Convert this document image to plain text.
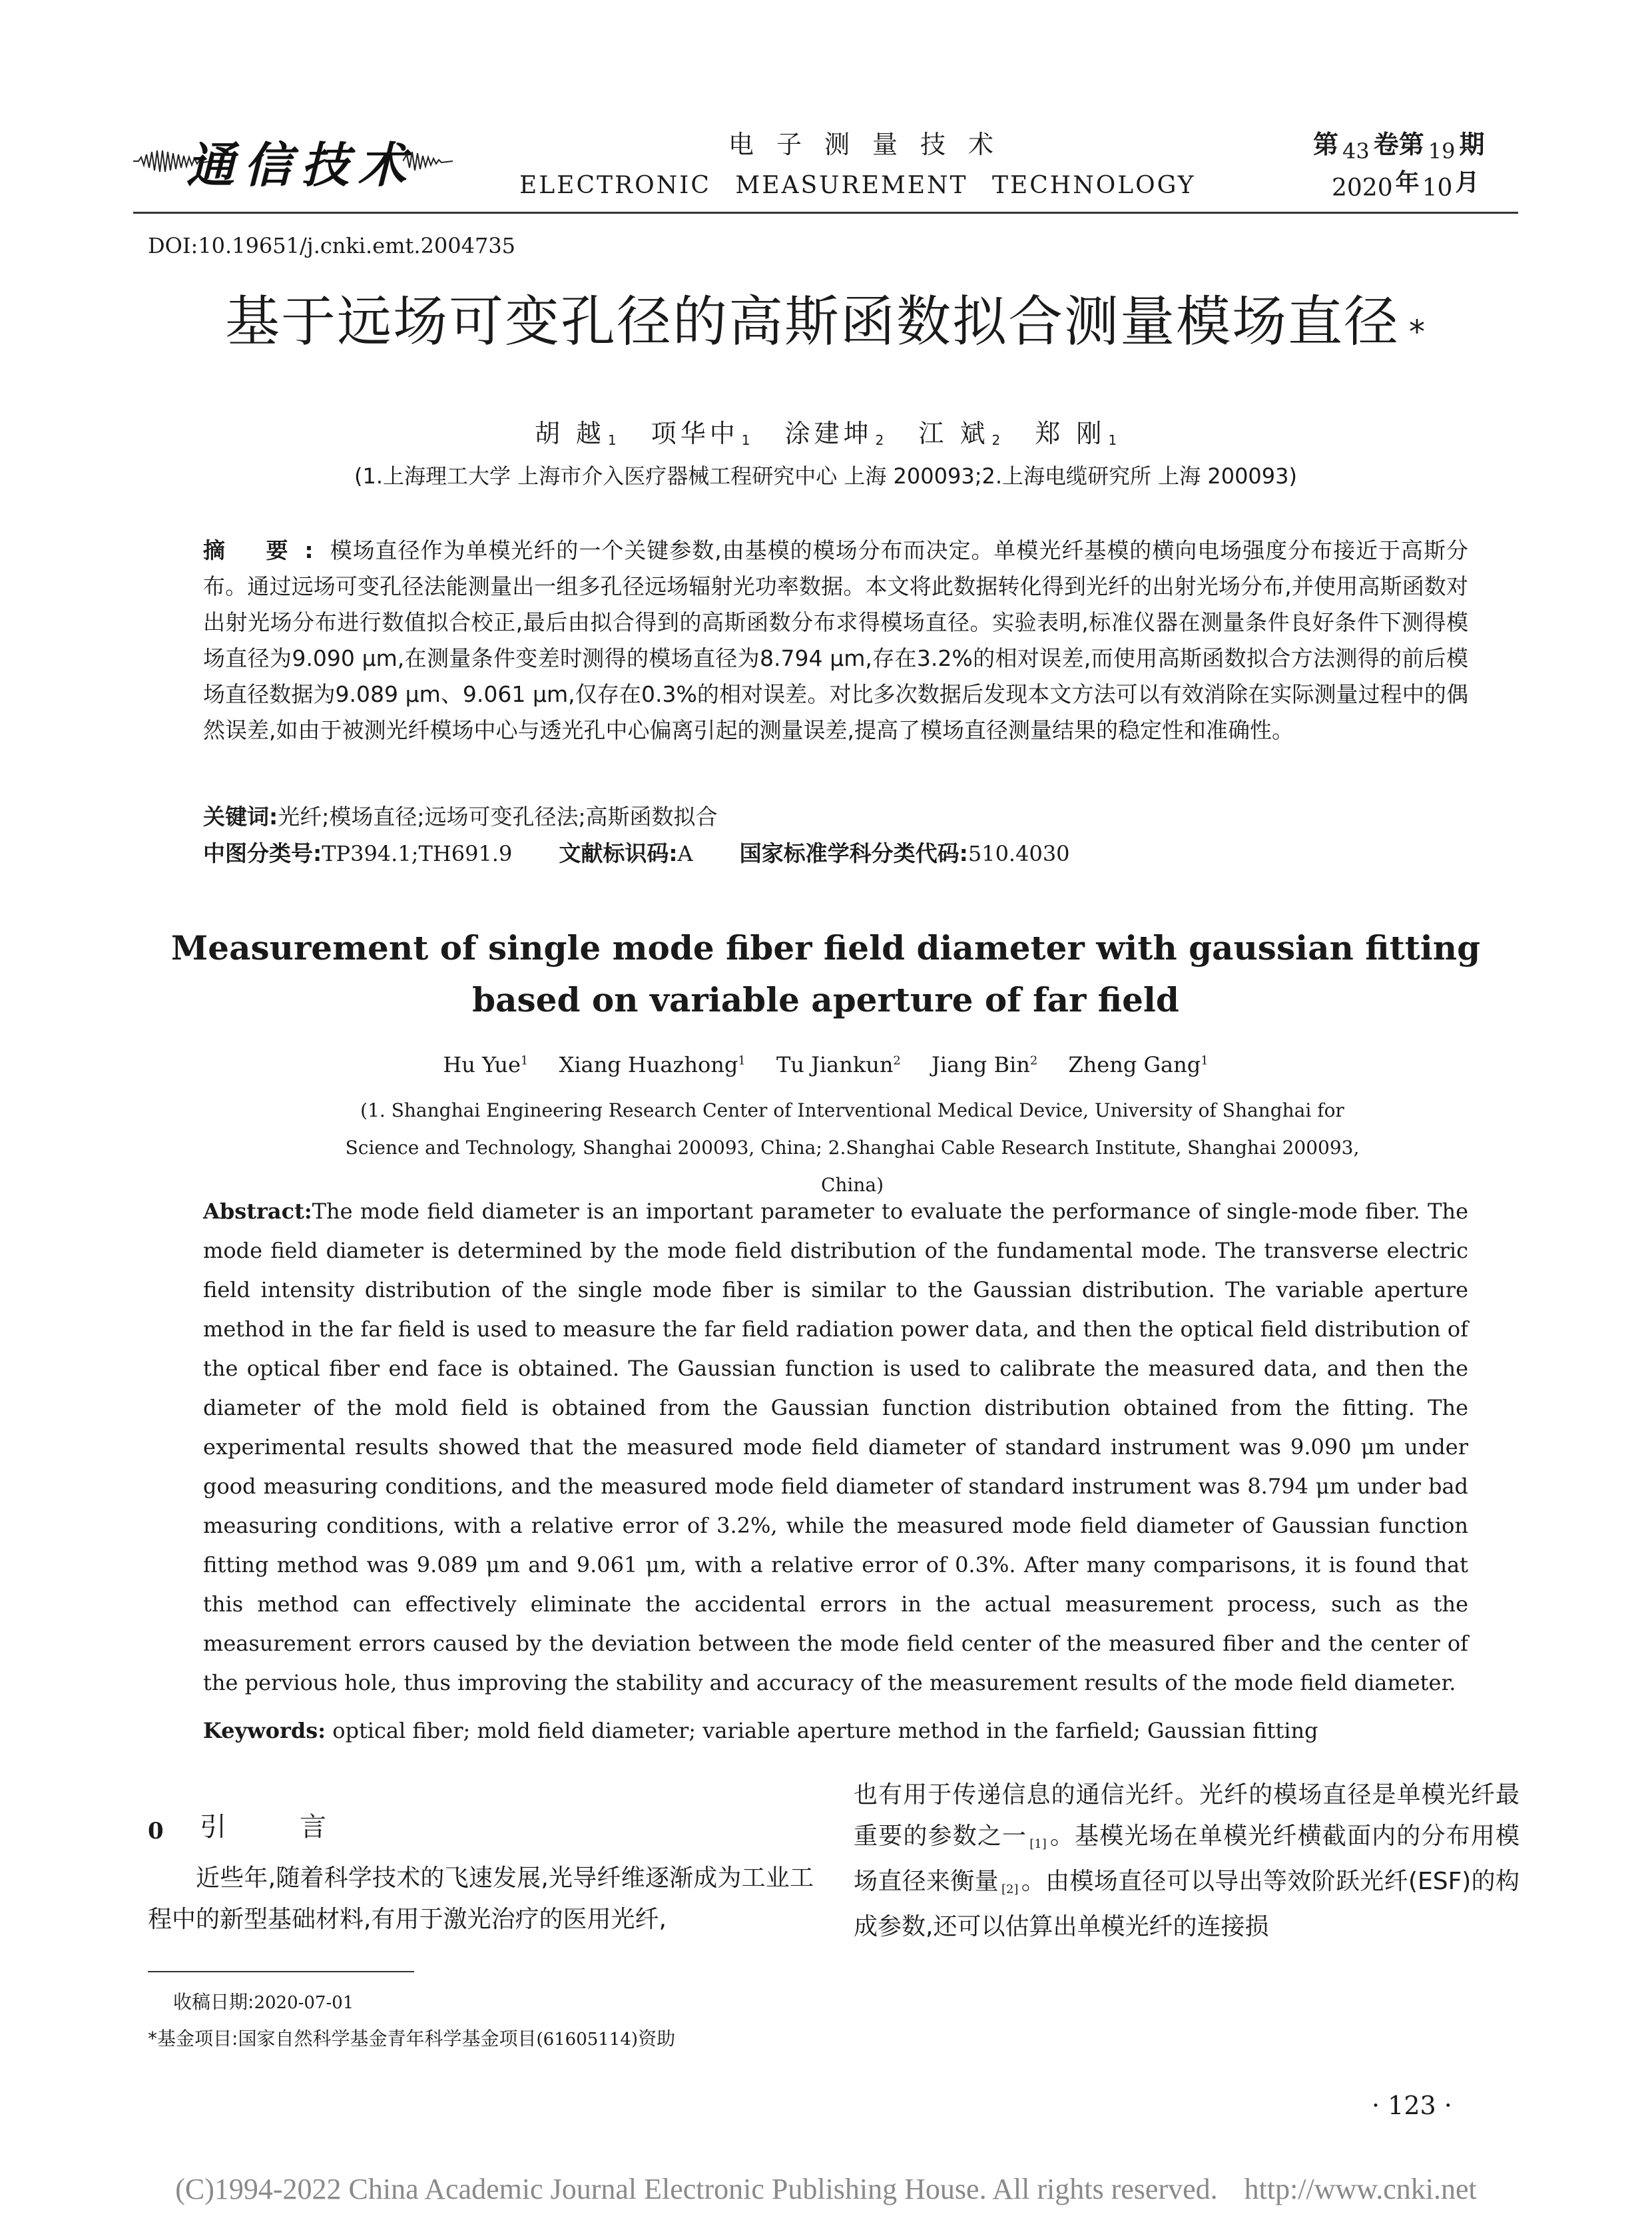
通信技术	电子测量技术
ELECTRONIC MEASUREMENT TECHNOLOGY
第 $_{43}$ 卷第 $_{19}$ 期
2020 年 10 月
DOI:10.19651/j.cnki.emt.2004735
基于远场可变孔径的高斯函数拟合测量模场直径 *
胡 越 $^1$ 项华中 $^1$ 涂建坤 $^2$ 江 斌 $^2$ 郑 刚 $^1$
(1.上海理工大学 上海市介入医疗器械工程研究中心 上海 200093;2.上海电缆研究所 上海 200093)
摘 要:模场直径作为单模光纤的一个关键参数,由基模的模场分布而决定。单模光纤基模的横向电场强度分布接近于高斯分布。通过远场可变孔径法能测量出一组多孔径远场辐射光功率数据。本文将此数据转化得到光纤的出射光场分布,并使用高斯函数对出射光场分布进行数值拟合校正,最后由拟合得到的高斯函数分布求得模场直径。实验表明,标准仪器在测量条件良好条件下测得模场直径为9.090 μm,在测量条件变差时测得的模场直径为8.794 μm,存在3.2%的相对误差,而使用高斯函数拟合方法测得的前后模场直径数据为9.089 μm、9.061 μm,仅存在0.3%的相对误差。对比多次数据后发现本文方法可以有效消除在实际测量过程中的偶然误差,如由于被测光纤模场中心与透光孔中心偏离引起的测量误差,提高了模场直径测量结果的稳定性和准确性。
关键词:光纤;模场直径;远场可变孔径法;高斯函数拟合
中图分类号:TP394.1;TH691.9 文献标识码:A 国家标准学科分类代码:510.4030
Measurement of single mode fiber field diameter with gaussian fitting based on variable aperture of far field
Hu Yue$^1$ Xiang Huazhong$^1$ Tu Jiankun$^2$ Jiang Bin$^2$ Zheng Gang$^1$
(1. Shanghai Engineering Research Center of Interventional Medical Device, University of Shanghai for Science and Technology, Shanghai 200093, China; 2.Shanghai Cable Research Institute, Shanghai 200093, China)
Abstract:The mode field diameter is an important parameter to evaluate the performance of single-mode fiber. The mode field diameter is determined by the mode field distribution of the fundamental mode. The transverse electric field intensity distribution of the single mode fiber is similar to the Gaussian distribution. The variable aperture method in the far field is used to measure the far field radiation power data, and then the optical field distribution of the optical fiber end face is obtained. The Gaussian function is used to calibrate the measured data, and then the diameter of the mold field is obtained from the Gaussian function distribution obtained from the fitting. The experimental results showed that the measured mode field diameter of standard instrument was 9.090 μm under good measuring conditions, and the measured mode field diameter of standard instrument was 8.794 μm under bad measuring conditions, with a relative error of 3.2%, while the measured mode field diameter of Gaussian function fitting method was 9.089 μm and 9.061 μm, with a relative error of 0.3%. After many comparisons, it is found that this method can effectively eliminate the accidental errors in the actual measurement process, such as the measurement errors caused by the deviation between the mode field center of the measured fiber and the center of the pervious hole, thus improving the stability and accuracy of the measurement results of the mode field diameter.
Keywords: optical fiber; mold field diameter; variable aperture method in the farfield; Gaussian fitting
0 引言
近些年,随着科学技术的飞速发展,光导纤维逐渐成为工业工程中的新型基础材料,有用于激光治疗的医用光纤,
也有用于传递信息的通信光纤。光纤的模场直径是单模光纤最重要的参数之一 [1] 。基模光场在单模光纤横截面内的分布用模场直径来衡量 [2] 。由模场直径可以导出等效阶跃光纤(ESF)的构成参数,还可以估算出单模光纤的连接损
收稿日期:2020-07-01
*基金项目:国家自然科学基金青年科学基金项目(61605114)资助
· 123 ·
(C)1994-2022 China Academic Journal Electronic Publishing House. All rights reserved. http://www.cnki.net
